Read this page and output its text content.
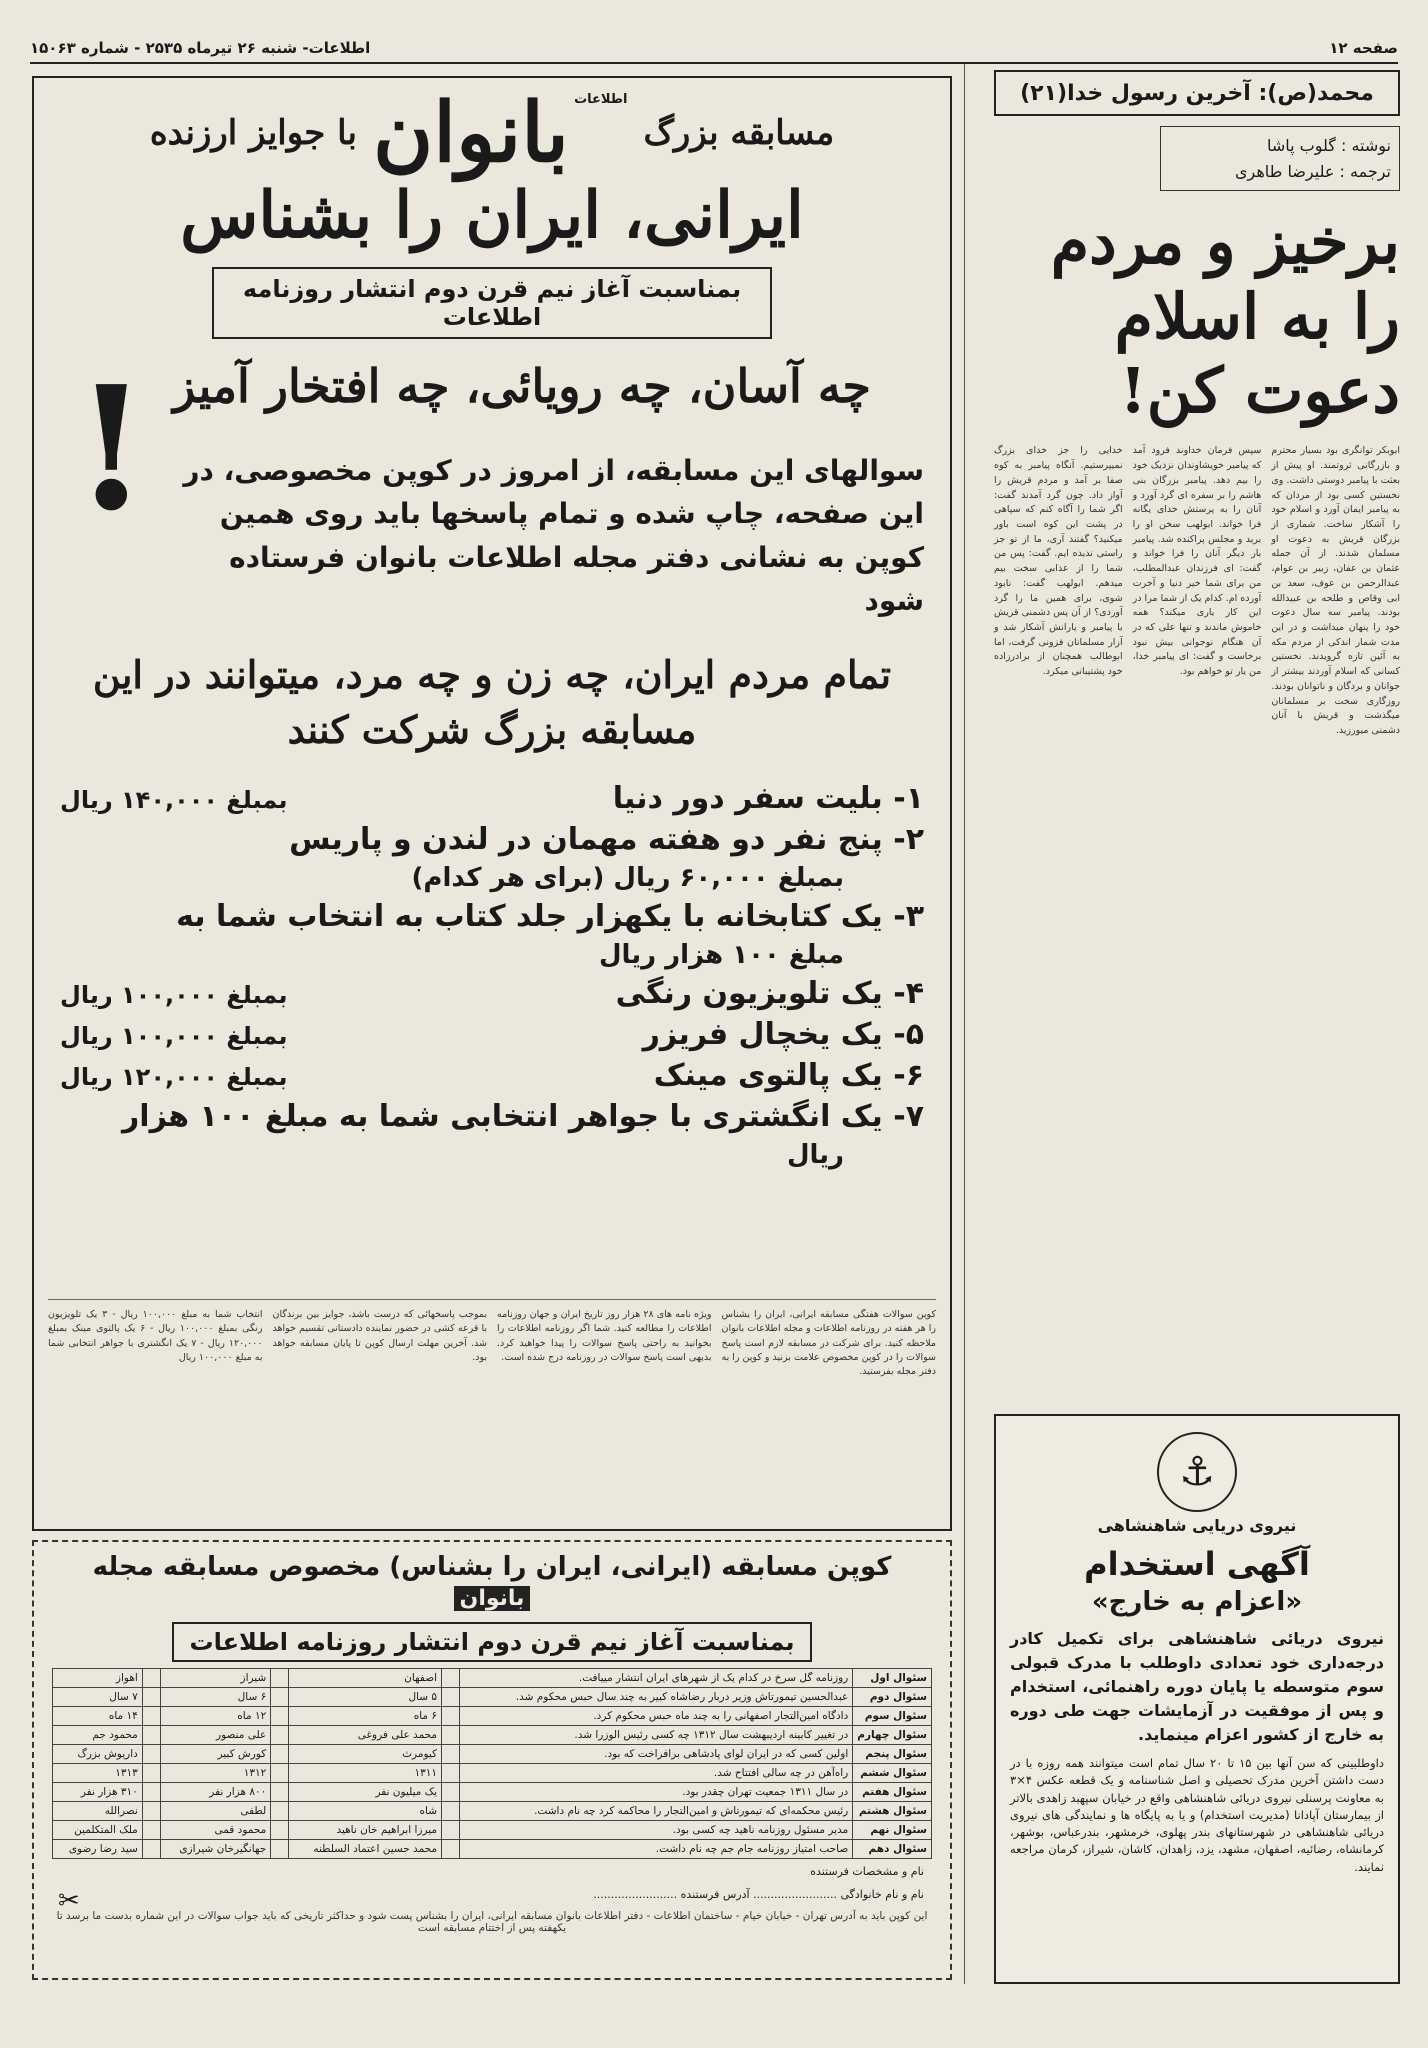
صفحه ۱۲
اطلاعات- شنبه ۲۶ تیرماه ۲۵۳۵ - شماره ۱۵۰۶۳
محمد(ص): آخرین رسول خدا(۲۱)
نوشته : گلوب پاشا
ترجمه : علیرضا طاهری
برخیز و مردم را به اسلام دعوت کن!
ابوبکر توانگری بود بسیار محترم و بازرگانی ثروتمند. او پیش از بعثت با پیامبر دوستی داشت. وی نخستین کسی بود از مردان که به پیامبر ایمان آورد و اسلام خود را آشکار ساخت. شماری از بزرگان قریش به دعوت او مسلمان شدند. از آن جمله عثمان بن عفان، زبیر بن عوام، عبدالرحمن بن عوف، سعد بن ابی وقاص و طلحه بن عبیدالله بودند. پیامبر سه سال دعوت خود را پنهان میداشت و در این مدت شمار اندکی از مردم مکه به آئین تازه گرویدند. نخستین کسانی که اسلام آوردند بیشتر از جوانان و بردگان و ناتوانان بودند. روزگاری سخت بر مسلمانان میگذشت و قریش با آنان دشمنی میورزید.
سپس فرمان خداوند فرود آمد که پیامبر خویشاوندان نزدیک خود را بیم دهد. پیامبر بزرگان بنی هاشم را بر سفره ای گرد آورد و آنان را به پرستش خدای یگانه فرا خواند. ابولهب سخن او را برید و مجلس پراکنده شد. پیامبر بار دیگر آنان را فرا خواند و گفت: ای فرزندان عبدالمطلب، من برای شما خیر دنیا و آخرت آورده ام. کدام یک از شما مرا در این کار یاری میکند؟ همه خاموش ماندند و تنها علی که در آن هنگام نوجوانی بیش نبود برخاست و گفت: ای پیامبر خدا، من یار تو خواهم بود.
خدایی را جز خدای بزرگ نمیپرستیم. آنگاه پیامبر به کوه صفا بر آمد و مردم قریش را آواز داد. چون گرد آمدند گفت: اگر شما را آگاه کنم که سپاهی در پشت این کوه است باور میکنید؟ گفتند آری، ما از تو جز راستی ندیده ایم. گفت: پس من شما را از عذابی سخت بیم میدهم. ابولهب گفت: نابود شوی، برای همین ما را گرد آوردی؟ از آن پس دشمنی قریش با پیامبر و یارانش آشکار شد و آزار مسلمانان فزونی گرفت، اما ابوطالب همچنان از برادرزاده خود پشتیبانی میکرد.
⚓
نیروی دریایی شاهنشاهی
آگهی استخدام
«اعزام به خارج»
نیروی دریائی شاهنشاهی برای تکمیل کادر درجه‌داری خود تعدادی داوطلب با مدرک قبولی سوم متوسطه یا پایان دوره راهنمائی، استخدام و پس از موفقیت در آزمایشات جهت طی دوره به خارج از کشور اعزام مینماید.
داوطلبینی که سن آنها بین ۱۵ تا ۲۰ سال تمام است میتوانند همه روزه با در دست داشتن آخرین مدرک تحصیلی و اصل شناسنامه و یک قطعه عکس ۴×۳ به معاونت پرسنلی نیروی دریائی شاهنشاهی واقع در خیابان سپهبد زاهدی بالاتر از بیمارستان آپادانا (مدیریت استخدام) و یا به پایگاه ها و نمایندگی های نیروی دریائی شاهنشاهی در شهرستانهای بندر پهلوی، خرمشهر، بندرعباس، بوشهر، کرمانشاه، رضائیه، اصفهان، مشهد، یزد، زاهدان، کاشان، شیراز، کرمان مراجعه نمایند.
مسابقه بزرگ
$^{اطلاعات}$ بانوان
با جوایز ارزنده
ایرانی، ایران را بشناس
بمناسبت آغاز نیم قرن دوم انتشار روزنامه اطلاعات
! چه آسان، چه رویائی، چه افتخار آمیز
سوالهای این مسابقه، از امروز در کوپن مخصوصی، در این صفحه، چاپ شده و تمام پاسخها باید روی همین کوپن به نشانی دفتر مجله اطلاعات بانوان فرستاده شود
تمام مردم ایران، چه زن و چه مرد، میتوانند در این مسابقه بزرگ شرکت کنند
۱- بلیت سفر دور دنیا
بمبلغ ۱۴۰,۰۰۰ ریال
۲- پنج نفر دو هفته مهمان در لندن و پاریس
بمبلغ ۶۰,۰۰۰ ریال (برای هر کدام)
۳- یک کتابخانه با یکهزار جلد کتاب به انتخاب شما به
مبلغ ۱۰۰ هزار ریال
۴- یک تلویزیون رنگی
بمبلغ ۱۰۰,۰۰۰ ریال
۵- یک یخچال فریزر
بمبلغ ۱۰۰,۰۰۰ ریال
۶- یک پالتوی مینک
بمبلغ ۱۲۰,۰۰۰ ریال
۷- یک انگشتری با جواهر انتخابی شما به مبلغ ۱۰۰ هزار
ریال
کوپن سوالات هفتگی مسابقه ایرانی، ایران را بشناس را هر هفته در روزنامه اطلاعات و مجله اطلاعات بانوان ملاحظه کنید. برای شرکت در مسابقه لازم است پاسخ سوالات را در کوپن مخصوص علامت بزنید و کوپن را به دفتر مجله بفرستید.
ویژه نامه های ۲۸ هزار روز تاریخ ایران و جهان روزنامه اطلاعات را مطالعه کنید. شما اگر روزنامه اطلاعات را بخوانید به راحتی پاسخ سوالات را پیدا خواهید کرد. بدیهی است پاسخ سوالات در روزنامه درج شده است.
بموجب پاسخهائی که درست باشد، جوایز بین برندگان با قرعه کشی در حضور نماینده دادستانی تقسیم خواهد شد. آخرین مهلت ارسال کوپن تا پایان مسابقه خواهد بود.
انتخاب شما به مبلغ ۱۰۰,۰۰۰ ریال - ۳ یک تلویزیون رنگی بمبلغ ۱۰۰,۰۰۰ ریال - ۶ یک پالتوی مینک بمبلغ ۱۲۰,۰۰۰ ریال - ۷ یک انگشتری با جواهر انتخابی شما به مبلغ ۱۰۰,۰۰۰ ریال
کوپن مسابقه (ایرانی، ایران را بشناس) مخصوص مسابقه مجله بانوان
بمناسبت آغاز نیم قرن دوم انتشار روزنامه اطلاعات
سئوال اول	روزنامه گل سرخ در کدام یک از شهرهای ایران انتشار مییافت.		اصفهان		شیراز		اهواز
سئوال دوم	عبدالحسین تیمورتاش وزیر دربار رضاشاه کبیر به چند سال حبس محکوم شد.		۵ سال		۶ سال		۷ سال
سئوال سوم	دادگاه امین‌التجار اصفهانی را به چند ماه حبس محکوم کرد.		۶ ماه		۱۲ ماه		۱۴ ماه
سئوال چهارم	در تغییر کابینه اردیبهشت سال ۱۳۱۲ چه کسی رئیس الوزرا شد.		محمد علی فروغی		علی منصور		محمود جم
سئوال پنجم	اولین کسی که در ایران لوای پادشاهی برافراخت که بود.		کیومرث		کورش کبیر		داریوش بزرگ
سئوال ششم	راه‌آهن در چه سالی افتتاح شد.		۱۳۱۱		۱۳۱۲		۱۳۱۳
سئوال هفتم	در سال ۱۳۱۱ جمعیت تهران چقدر بود.		یک میلیون نفر		۸۰۰ هزار نفر		۳۱۰ هزار نفر
سئوال هشتم	رئیس محکمه‌ای که تیمورتاش و امین‌التجار را محاکمه کرد چه نام داشت.		شاه		لطفی		نصرالله
سئوال نهم	مدیر مسئول روزنامه ناهید چه کسی بود.		میرزا ابراهیم خان ناهید		محمود قمی		ملک المتکلمین
سئوال دهم	صاحب امتیاز روزنامه جام جم چه نام داشت.		محمد حسین اعتماد السلطنه		جهانگیرخان شیرازی		سید رضا رضوی
نام و مشخصات فرستنده
نام و نام خانوادگی ........................ آدرس فرستنده ........................
این کوپن باید به آدرس تهران - خیابان خیام - ساختمان اطلاعات - دفتر اطلاعات بانوان مسابقه ایرانی، ایران را بشناس پست شود و حداکثر تاریخی که باید جواب سوالات در این شماره بدست ما برسد تا یکهفته پس از اختتام مسابقه است
✂
